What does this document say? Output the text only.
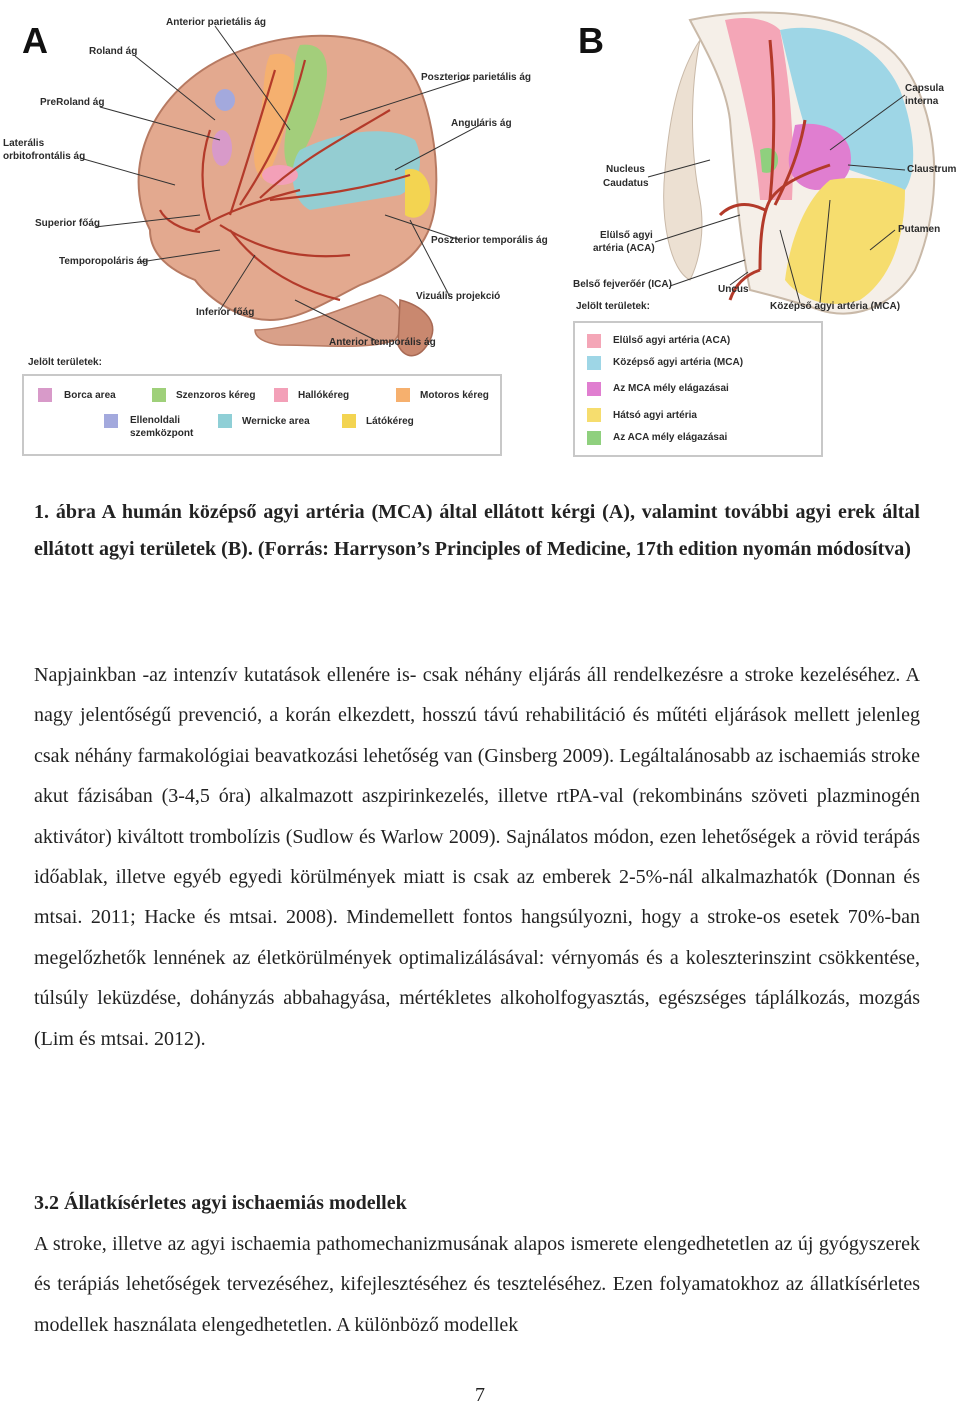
A	B
Anterior parietális ág
Roland ág
PreRoland ág
Laterális
orbitofrontális ág
Superior főág
Temporopoláris ág
Inferior főág
Anterior temporális ág
Vizuális projekció
Poszterior temporális ág
Anguláris ág
Poszterior parietális ág
Jelölt területek:
Borca area	Szenzoros kéreg	Hallókéreg	Motoros kéreg
Ellenoldali
szemközpont
Wernicke area	Látókéreg
Capsula
interna
Claustrum
Putamen
Nucleus
Caudatus
Elülső agyi
artéria (ACA)
Belső fejverőér (ICA)	Uncus
Jelölt területek:	Középső agyi artéria (MCA)
Elülső agyi artéria (ACA)
Középső agyi artéria (MCA)
Az MCA mély elágazásai
Hátsó agyi artéria
Az ACA mély elágazásai

1. ábra A humán középső agyi artéria (MCA) által ellátott kérgi (A), valamint további agyi erek által ellátott agyi területek (B). (Forrás: Harryson’s Principles of Medicine, 17th edition nyomán módosítva)

Napjainkban -az intenzív kutatások ellenére is- csak néhány eljárás áll rendelkezésre a stroke kezeléséhez. A nagy jelentőségű prevenció, a korán elkezdett, hosszú távú rehabilitáció és műtéti eljárások mellett jelenleg csak néhány farmakológiai beavatkozási lehetőség van (Ginsberg 2009). Legáltalánosabb az ischaemiás stroke akut fázisában (3-4,5 óra) alkalmazott aszpirinkezelés, illetve rtPA-val (rekombináns szöveti plazminogén aktivátor) kiváltott trombolízis (Sudlow és Warlow 2009). Sajnálatos módon, ezen lehetőségek a rövid terápás időablak, illetve egyéb egyedi körülmények miatt is csak az emberek 2-5%-nál alkalmazhatók (Donnan és mtsai. 2011; Hacke és mtsai. 2008). Mindemellett fontos hangsúlyozni, hogy a stroke-os esetek 70%-ban megelőzhetők lennének az életkörülmények optimalizálásával: vérnyomás és a koleszterinszint csökkentése, túlsúly leküzdése, dohányzás abbahagyása, mértékletes alkoholfogyasztás, egészséges táplálkozás, mozgás (Lim és mtsai. 2012).

3.2 Állatkísérletes agyi ischaemiás modellek

A stroke, illetve az agyi ischaemia pathomechanizmusának alapos ismerete elengedhetetlen az új gyógyszerek és terápiás lehetőségek tervezéséhez, kifejlesztéséhez és teszteléséhez. Ezen folyamatokhoz az állatkísérletes modellek használata elengedhetetlen. A különböző modellek

7
